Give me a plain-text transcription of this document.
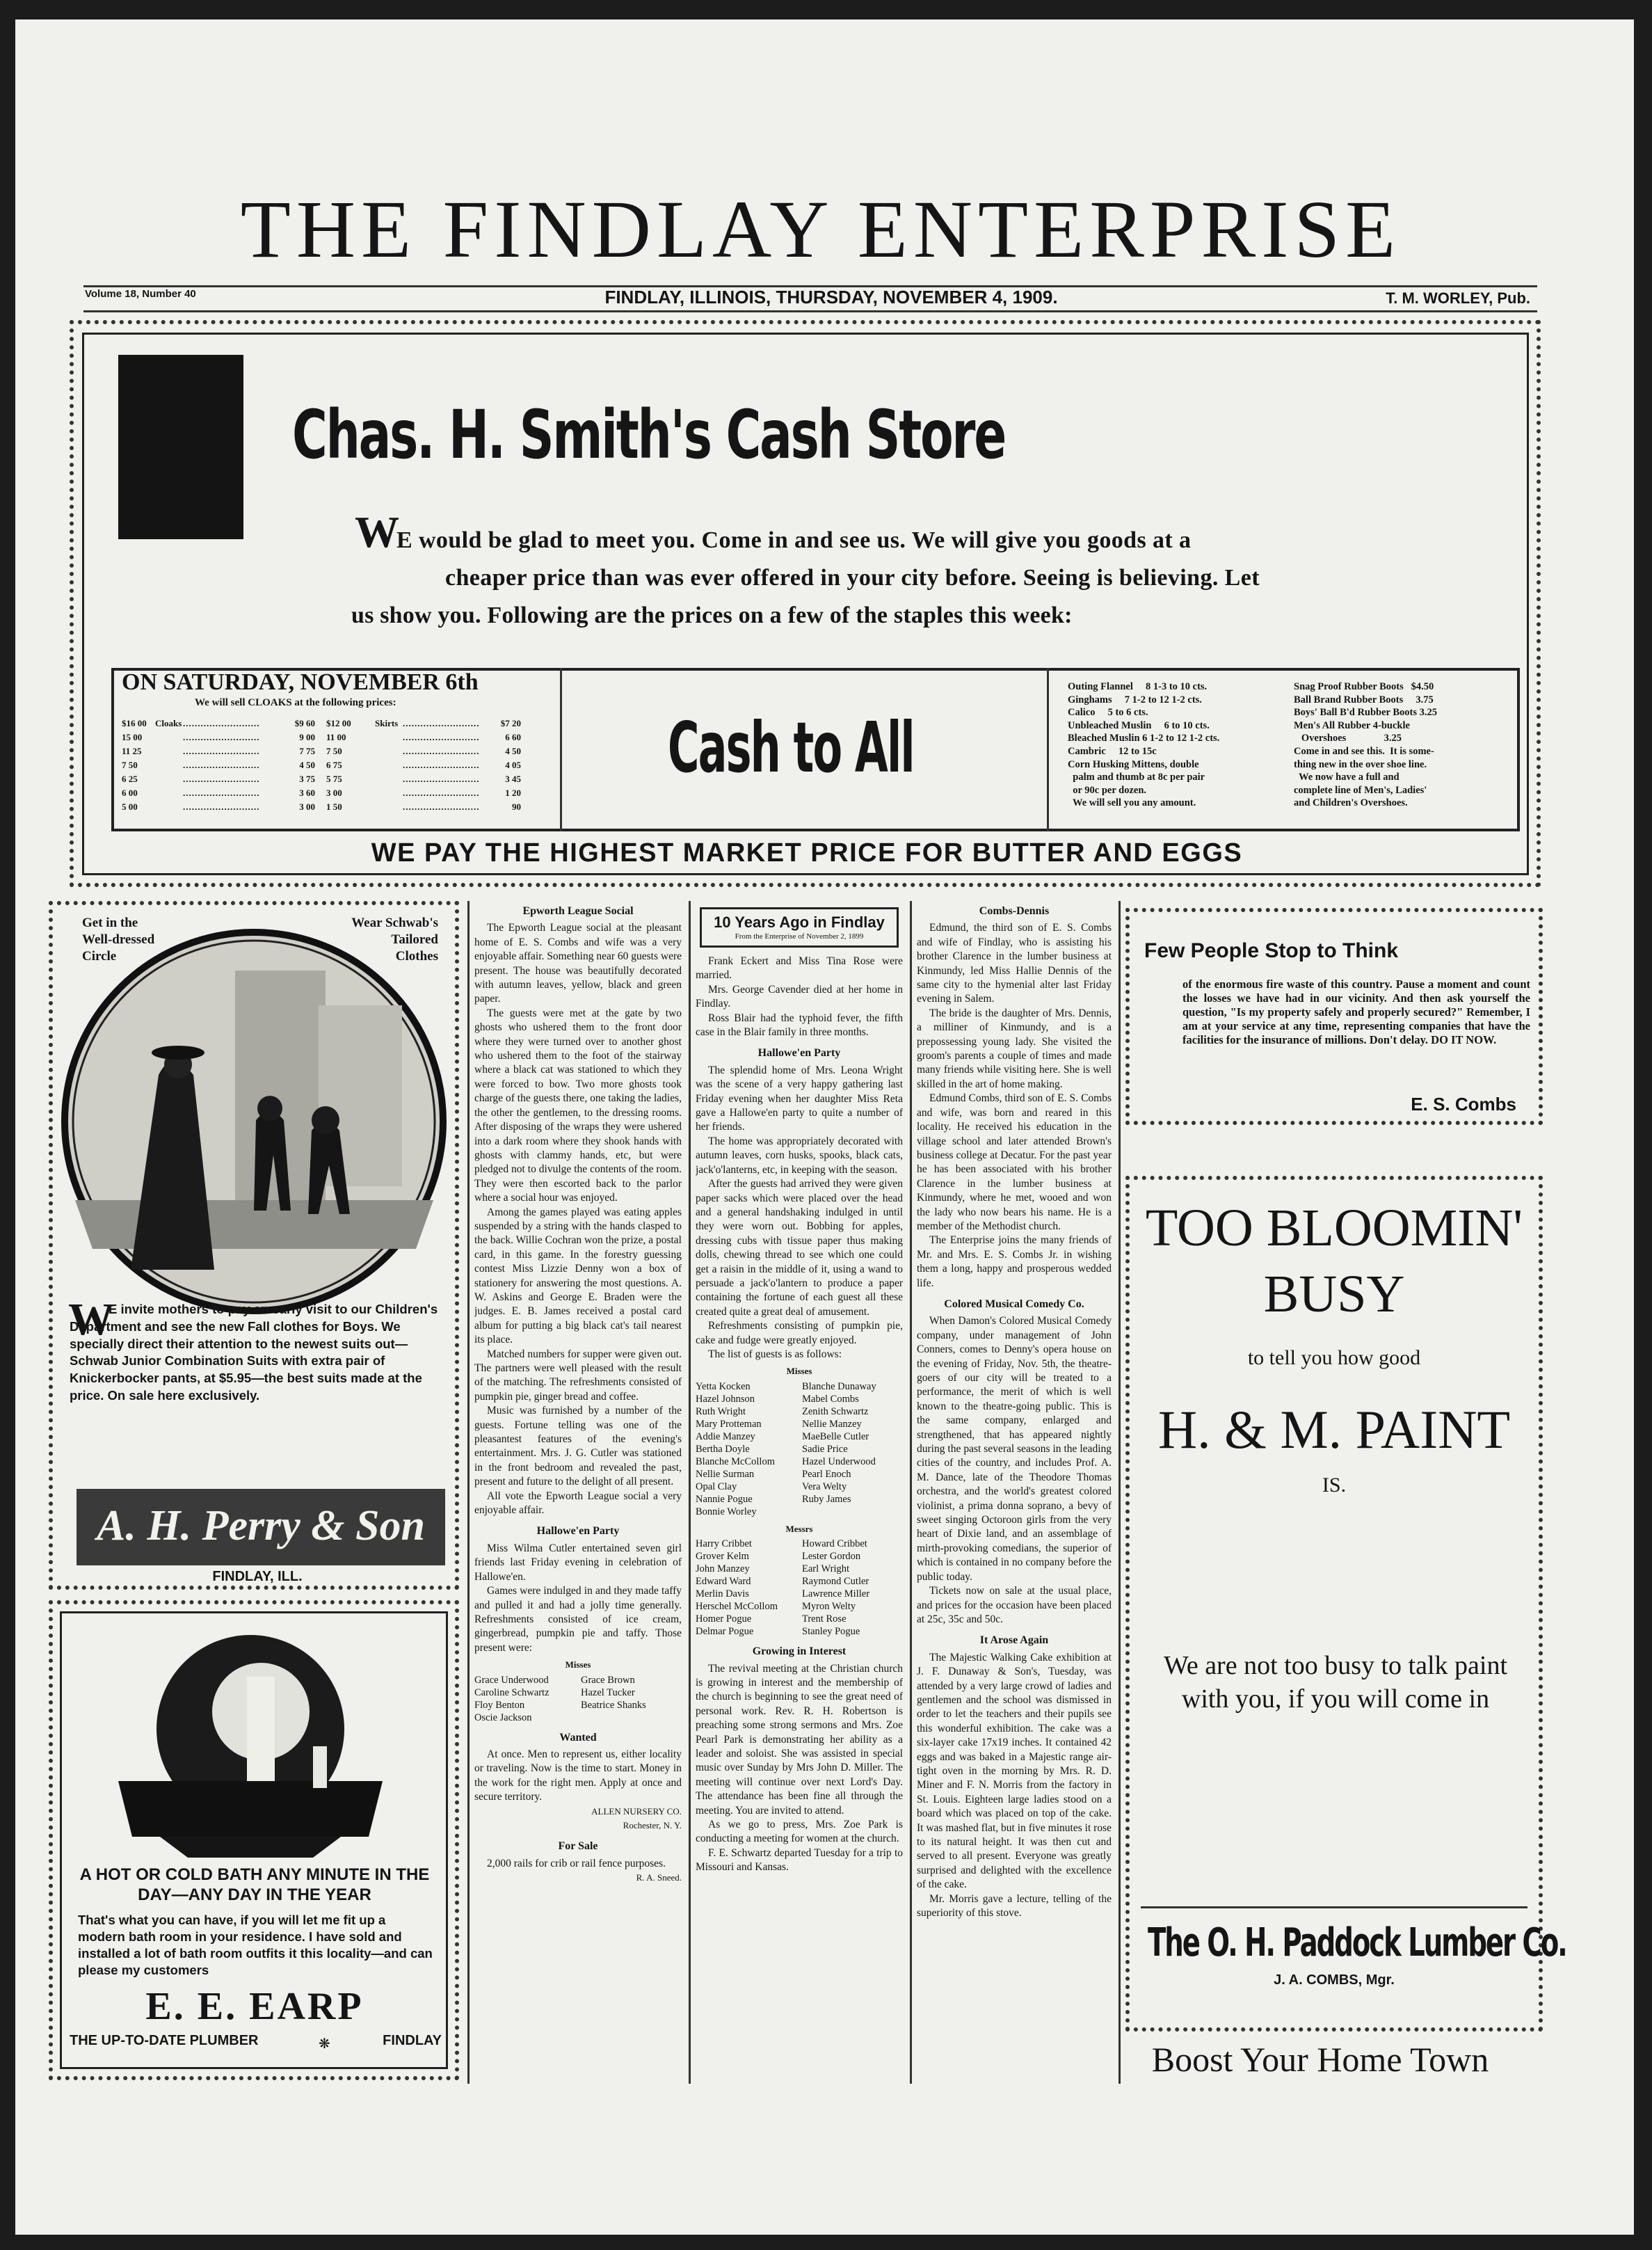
THE FINDLAY ENTERPRISE
Volume 18, Number 40	FINDLAY, ILLINOIS, THURSDAY, NOVEMBER 4, 1909.	T. M. WORLEY, Pub.
Chas. H. Smith's Cash Store
W
E would be glad to meet you. Come in and see us. We will give you goods at a
cheaper price than was ever offered in your city before. Seeing is believing. Let
us show you. Following are the prices on a few of the staples this week:
ON SATURDAY, NOVEMBER 6th
We will sell CLOAKS at the following prices:
$16 00 Cloaks ..........................	$9 60	$12 00	Skirts ..........................	$7 20
15 00	..........................	9 00	11 00	..........................	6 60
11 25	..........................	7 75	7 50	..........................	4 50
7 50	..........................	4 50	6 75	..........................	4 05
6 25	..........................	3 75	5 75	..........................	3 45
6 00	..........................	3 60	3 00	..........................	1 20
5 00	..........................	3 00	1 50	..........................	90
Cash to All
Outing Flannel     8 1-3 to 10 cts.
Ginghams     7 1-2 to 12 1-2 cts.
Calico     5 to 6 cts.
Unbleached Muslin     6 to 10 cts.
Bleached Muslin 6 1-2 to 12 1-2 cts.
Cambric     12 to 15c
Corn Husking Mittens, double
palm and thumb at 8c per pair
or 90c per dozen.
We will sell you any amount.
Snag Proof Rubber Boots   $4.50
Ball Brand Rubber Boots     3.75
Boys' Ball B'd Rubber Boots 3.25
Men's All Rubber 4-buckle
Overshoes               3.25
Come in and see this.  It is some-
thing new in the over shoe line.
We now have a full and
complete line of Men's, Ladies'
and Children's Overshoes.
WE PAY THE HIGHEST MARKET PRICE FOR BUTTER AND EGGS
Get in the Well-dressed Circle
Wear Schwab's Tailored Clothes
W
E invite mothers to pay an early visit to our Children's Department and see the new Fall clothes for Boys. We specially direct their attention to the newest suits out—Schwab Junior Combination Suits with extra pair of Knickerbocker pants, at $5.95—the best suits made at the price. On sale here exclusively.
A. H. Perry & Son
FINDLAY, ILL.
A HOT OR COLD BATH ANY MINUTE IN THE DAY—ANY DAY IN THE YEAR
That's what you can have, if you will let me fit up a modern bath room in your residence. I have sold and installed a lot of bath room outfits it this locality—and can please my customers
E. E. EARP
THE UP-TO-DATE PLUMBER	❋	FINDLAY
Epworth League Social

The Epworth League social at the pleasant home of E. S. Combs and wife was a very enjoyable affair. Something near 60 guests were present. The house was beautifully decorated with autumn leaves, yellow, black and green paper.

The guests were met at the gate by two ghosts who ushered them to the front door where they were turned over to another ghost who ushered them to the foot of the stairway where a black cat was stationed to which they were forced to bow. Two more ghosts took charge of the guests there, one taking the ladies, the other the gentlemen, to the dressing rooms. After disposing of the wraps they were ushered into a dark room where they shook hands with ghosts with clammy hands, etc, but were pledged not to divulge the contents of the room. They were then escorted back to the parlor where a social hour was enjoyed.

Among the games played was eating apples suspended by a string with the hands clasped to the back. Willie Cochran won the prize, a postal card, in this game. In the forestry guessing contest Miss Lizzie Denny won a box of stationery for answering the most questions. A. W. Askins and George E. Braden were the judges. E. B. James received a postal card album for putting a big black cat's tail nearest its place.

Matched numbers for supper were given out. The partners were well pleased with the result of the matching. The refreshments consisted of pumpkin pie, ginger bread and coffee.

Music was furnished by a number of the guests. Fortune telling was one of the pleasantest features of the evening's entertainment. Mrs. J. G. Cutler was stationed in the front bedroom and revealed the past, present and future to the delight of all present.

All vote the Epworth League social a very enjoyable affair.

Hallowe'en Party

Miss Wilma Cutler entertained seven girl friends last Friday evening in celebration of Hallowe'en.

Games were indulged in and they made taffy and pulled it and had a jolly time generally. Refreshments consisted of ice cream, gingerbread, pumpkin pie and taffy. Those present were:

Misses
Grace Underwood	Grace Brown
Caroline Schwartz	Hazel Tucker
Floy Benton	Beatrice Shanks
Oscie Jackson
Wanted

At once. Men to represent us, either locality or traveling. Now is the time to start. Money in the work for the right men. Apply at once and secure territory.

ALLEN NURSERY CO.

Rochester, N. Y.

For Sale

2,000 rails for crib or rail fence purposes.

R. A. Sneed.

10 Years Ago in Findlay
From the Enterprise of November 2, 1899

Frank Eckert and Miss Tina Rose were married.

Mrs. George Cavender died at her home in Findlay.

Ross Blair had the typhoid fever, the fifth case in the Blair family in three months.

Hallowe'en Party

The splendid home of Mrs. Leona Wright was the scene of a very happy gathering last Friday evening when her daughter Miss Reta gave a Hallowe'en party to quite a number of her friends.

The home was appropriately decorated with autumn leaves, corn husks, spooks, black cats, jack'o'lanterns, etc, in keeping with the season.

After the guests had arrived they were given paper sacks which were placed over the head and a general handshaking indulged in until they were worn out. Bobbing for apples, dressing cubs with tissue paper thus making dolls, chewing thread to see which one could get a raisin in the middle of it, using a wand to persuade a jack'o'lantern to produce a paper containing the fortune of each guest all these created quite a great deal of amusement.

Refreshments consisting of pumpkin pie, cake and fudge were greatly enjoyed.

The list of guests is as follows:

Misses
Yetta Kocken	Blanche Dunaway
Hazel Johnson	Mabel Combs
Ruth Wright	Zenith Schwartz
Mary Protteman	Nellie Manzey
Addie Manzey	MaeBelle Cutler
Bertha Doyle	Sadie Price
Blanche McCollom	Hazel Underwood
Nellie Surman	Pearl Enoch
Opal Clay	Vera Welty
Nannie Pogue	Ruby James
Bonnie Worley
Messrs
Harry Cribbet	Howard Cribbet
Grover Kelm	Lester Gordon
John Manzey	Earl Wright
Edward Ward	Raymond Cutler
Merlin Davis	Lawrence Miller
Herschel McCollom	Myron Welty
Homer Pogue	Trent Rose
Delmar Pogue	Stanley Pogue
Growing in Interest

The revival meeting at the Christian church is growing in interest and the membership of the church is beginning to see the great need of personal work. Rev. R. H. Robertson is preaching some strong sermons and Mrs. Zoe Pearl Park is demonstrating her ability as a leader and soloist. She was assisted in special music over Sunday by Mrs John D. Miller. The meeting will continue over next Lord's Day. The attendance has been fine all through the meeting. You are invited to attend.

As we go to press, Mrs. Zoe Park is conducting a meeting for women at the church.

F. E. Schwartz departed Tuesday for a trip to Missouri and Kansas.

Combs-Dennis

Edmund, the third son of E. S. Combs and wife of Findlay, who is assisting his brother Clarence in the lumber business at Kinmundy, led Miss Hallie Dennis of the same city to the hymenial alter last Friday evening in Salem.

The bride is the daughter of Mrs. Dennis, a milliner of Kinmundy, and is a prepossessing young lady. She visited the groom's parents a couple of times and made many friends while visiting here. She is well skilled in the art of home making.

Edmund Combs, third son of E. S. Combs and wife, was born and reared in this locality. He received his education in the village school and later attended Brown's business college at Decatur. For the past year he has been associated with his brother Clarence in the lumber business at Kinmundy, where he met, wooed and won the lady who now bears his name. He is a member of the Methodist church.

The Enterprise joins the many friends of Mr. and Mrs. E. S. Combs Jr. in wishing them a long, happy and prosperous wedded life.

Colored Musical Comedy Co.

When Damon's Colored Musical Comedy company, under management of John Conners, comes to Denny's opera house on the evening of Friday, Nov. 5th, the theatre-goers of our city will be treated to a performance, the merit of which is well known to the theatre-going public. This is the same company, enlarged and strengthened, that has appeared nightly during the past several seasons in the leading cities of the country, and includes Prof. A. M. Dance, late of the Theodore Thomas orchestra, and the world's greatest colored violinist, a prima donna soprano, a bevy of sweet singing Octoroon girls from the very heart of Dixie land, and an assemblage of mirth-provoking comedians, the superior of which is contained in no company before the public today.

Tickets now on sale at the usual place, and prices for the occasion have been placed at 25c, 35c and 50c.

It Arose Again

The Majestic Walking Cake exhibition at J. F. Dunaway & Son's, Tuesday, was attended by a very large crowd of ladies and gentlemen and the school was dismissed in order to let the teachers and their pupils see this wonderful exhibition. The cake was a six-layer cake 17x19 inches. It contained 42 eggs and was baked in a Majestic range air-tight oven in the morning by Mrs. R. D. Miner and F. N. Morris from the factory in St. Louis. Eighteen large ladies stood on a board which was placed on top of the cake. It was mashed flat, but in five minutes it rose to its natural height. It was then cut and served to all present. Everyone was greatly surprised and delighted with the excellence of the cake.

Mr. Morris gave a lecture, telling of the superiority of this stove.

Few People Stop to Think
of the enormous fire waste of this country. Pause a moment and count the losses we have had in our vicinity. And then ask yourself the question, "Is my property safely and properly secured?" Remember, I am at your service at any time, representing companies that have the facilities for the insurance of millions. Don't delay. DO IT NOW.
E. S. Combs
TOO BLOOMIN'
BUSY
to tell you how good
H. & M. PAINT
IS.
We are not too busy to talk paint with you, if you will come in
The O. H. Paddock Lumber Co.
J. A. COMBS, Mgr.
Boost Your Home Town
